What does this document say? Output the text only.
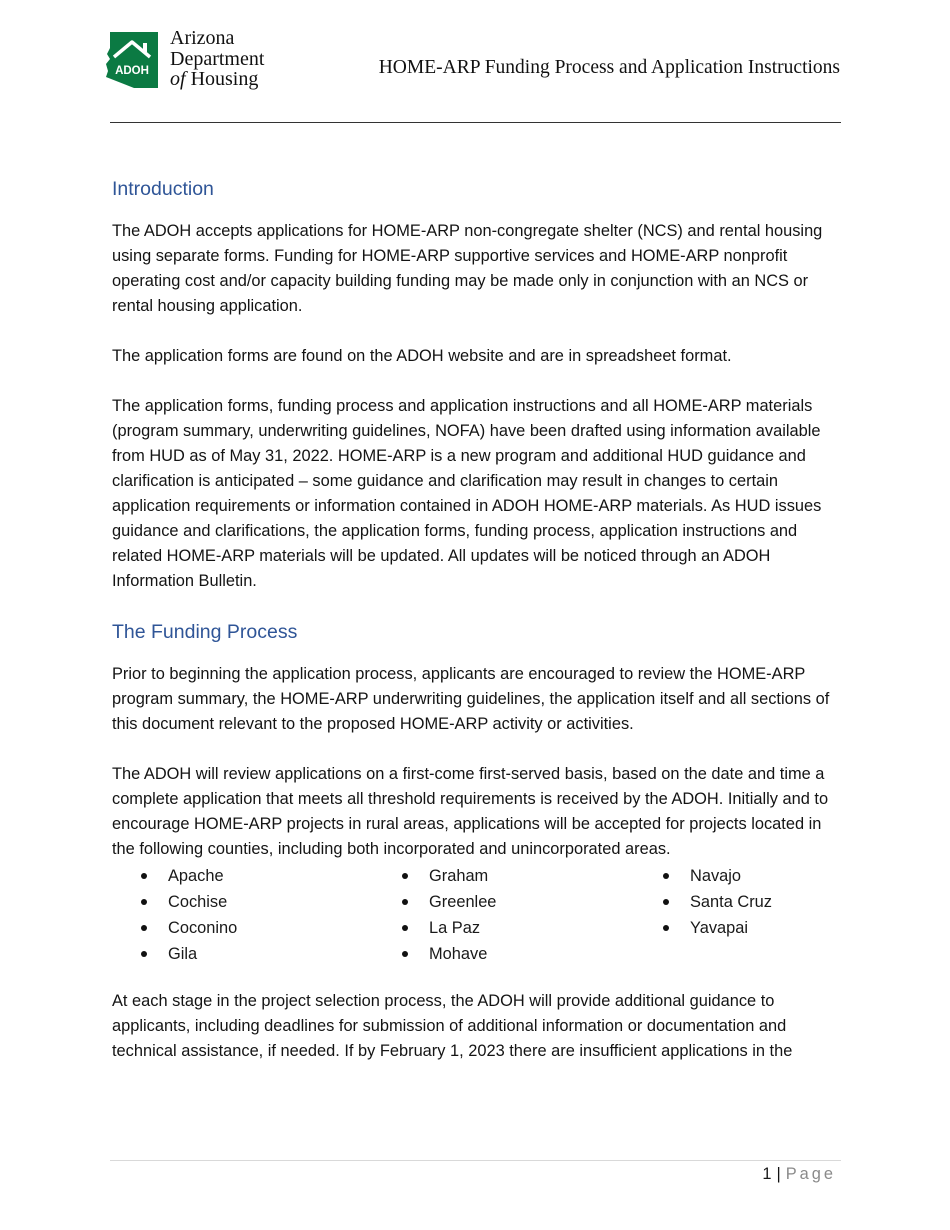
ADOH
Arizona
Department
of Housing
HOME-ARP Funding Process and Application Instructions
Introduction

The ADOH accepts applications for HOME-ARP non-congregate shelter (NCS) and rental housing using separate forms. Funding for HOME-ARP supportive services and HOME-ARP nonprofit operating cost and/or capacity building funding may be made only in conjunction with an NCS or rental housing application.

The application forms are found on the ADOH website and are in spreadsheet format.

The application forms, funding process and application instructions and all HOME-ARP materials (program summary, underwriting guidelines, NOFA) have been drafted using information available from HUD as of May 31, 2022. HOME-ARP is a new program and additional HUD guidance and clarification is anticipated – some guidance and clarification may result in changes to certain application requirements or information contained in ADOH HOME-ARP materials. As HUD issues guidance and clarifications, the application forms, funding process, application instructions and related HOME-ARP materials will be updated. All updates will be noticed through an ADOH Information Bulletin.

The Funding Process

Prior to beginning the application process, applicants are encouraged to review the HOME-ARP program summary, the HOME-ARP underwriting guidelines, the application itself and all sections of this document relevant to the proposed HOME-ARP activity or activities.

The ADOH will review applications on a first-come first-served basis, based on the date and time a complete application that meets all threshold requirements is received by the ADOH. Initially and to encourage HOME-ARP projects in rural areas, applications will be accepted for projects located in the following counties, including both incorporated and unincorporated areas.

Apache
Cochise
Coconino
Gila
Graham
Greenlee
La Paz
Mohave
Navajo
Santa Cruz
Yavapai

At each stage in the project selection process, the ADOH will provide additional guidance to applicants, including deadlines for submission of additional information or documentation and technical assistance, if needed. If by February 1, 2023 there are insufficient applications in the

1 | Page
